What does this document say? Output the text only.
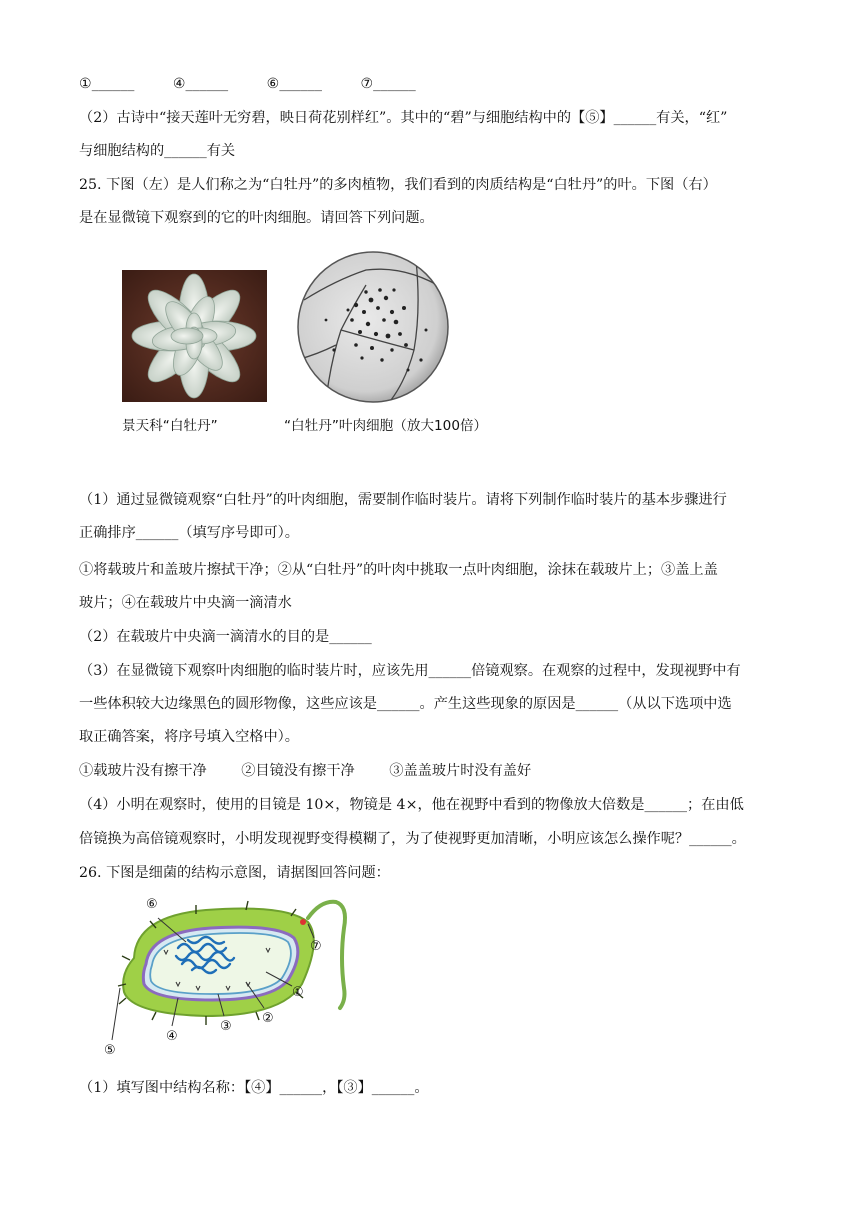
①______	④______	⑥______	⑦______
（2）古诗中“接天莲叶无穷碧，映日荷花别样红”。其中的“碧”与细胞结构中的【⑤】______有关，“红”
与细胞结构的______有关
25. 下图（左）是人们称之为“白牡丹”的多肉植物，我们看到的肉质结构是“白牡丹”的叶。下图（右）
是在显微镜下观察到的它的叶肉细胞。请回答下列问题。
景天科“白牡丹”	“白牡丹”叶肉细胞（放大100倍）
（1）通过显微镜观察“白牡丹”的叶肉细胞，需要制作临时装片。请将下列制作临时装片的基本步骤进行
正确排序______（填写序号即可）。
①将载玻片和盖玻片擦拭干净；②从“白牡丹”的叶肉中挑取一点叶肉细胞，涂抹在载玻片上；③盖上盖
玻片；④在载玻片中央滴一滴清水
（2）在载玻片中央滴一滴清水的目的是______
（3）在显微镜下观察叶肉细胞的临时装片时，应该先用______倍镜观察。在观察的过程中，发现视野中有
一些体积较大边缘黑色的圆形物像，这些应该是______。产生这些现象的原因是______（从以下选项中选
取正确答案，将序号填入空格中）。
①载玻片没有擦干净 ②目镜没有擦干净 ③盖盖玻片时没有盖好
（4）小明在观察时，使用的目镜是 10×，物镜是 4×，他在视野中看到的物像放大倍数是______；在由低
倍镜换为高倍镜观察时，小明发现视野变得模糊了，为了使视野更加清晰，小明应该怎么操作呢？______。
26. 下图是细菌的结构示意图，请据图回答问题：
⑥
⑦
①
②
③
④
⑤
（1）填写图中结构名称：【④】______，【③】______。
